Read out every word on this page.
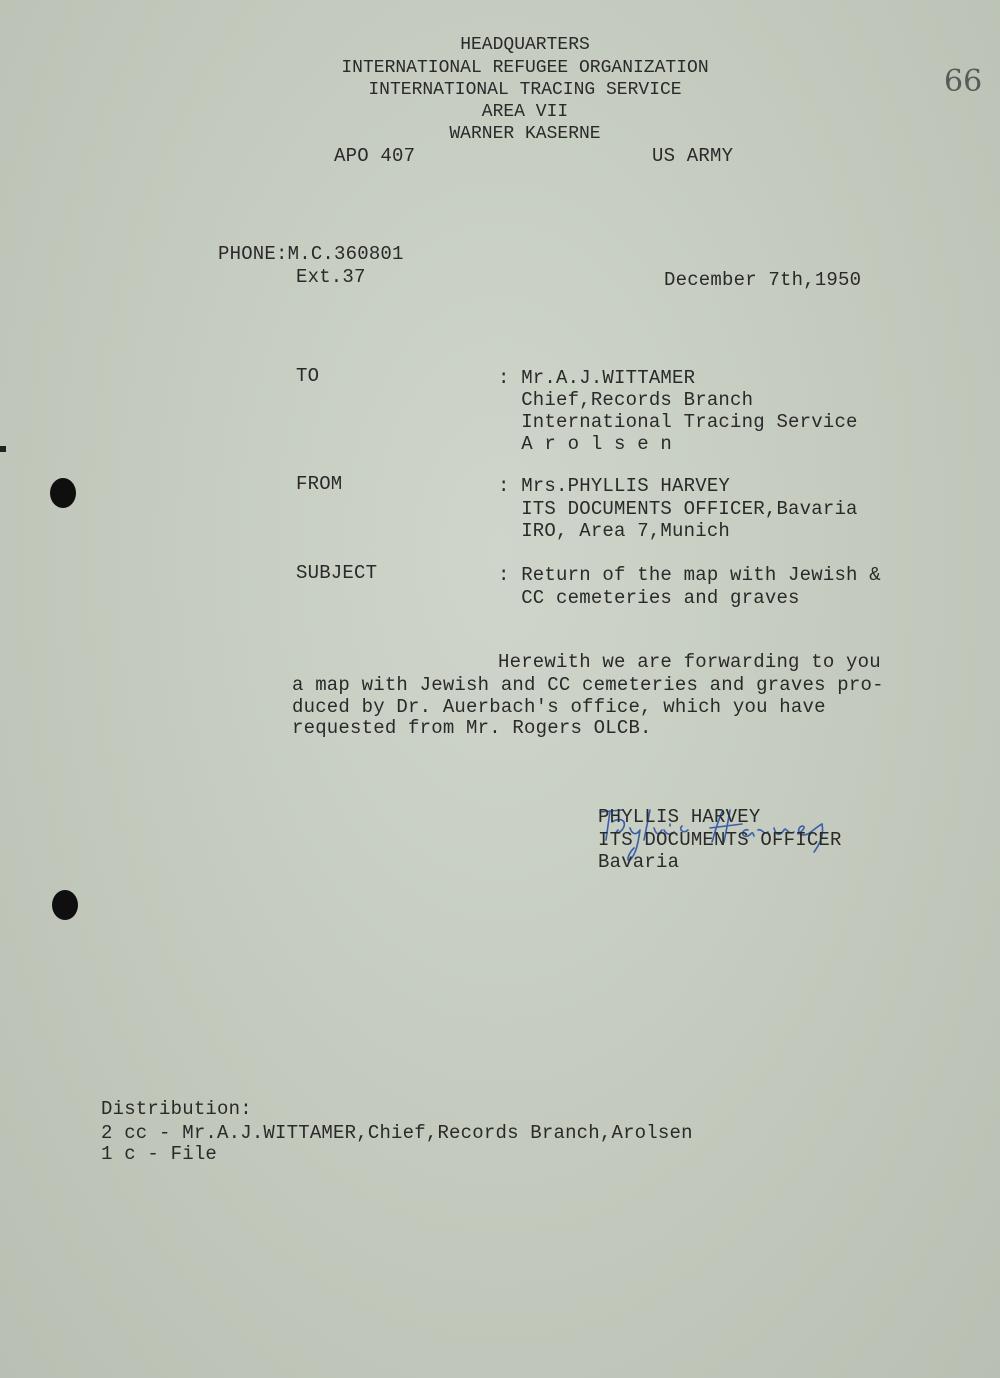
66
HEADQUARTERS
INTERNATIONAL REFUGEE ORGANIZATION
INTERNATIONAL TRACING SERVICE
AREA VII
WARNER KASERNE
APO 407	US ARMY
PHONE:M.C.360801
Ext.37	December 7th,1950
TO	: Mr.A.J.WITTAMER
Chief,Records Branch
International Tracing Service
A r o l s e n
FROM	: Mrs.PHYLLIS HARVEY
ITS DOCUMENTS OFFICER,Bavaria
IRO, Area 7,Munich
SUBJECT	: Return of the map with Jewish &
CC cemeteries and graves
Herewith we are forwarding to you
a map with Jewish and CC cemeteries and graves pro-
duced by Dr. Auerbach's office, which you have
requested from Mr. Rogers OLCB.

PHYLLIS HARVEY
ITS DOCUMENTS OFFICER
Bavaria
Distribution:
2 cc - Mr.A.J.WITTAMER,Chief,Records Branch,Arolsen
1 c - File
